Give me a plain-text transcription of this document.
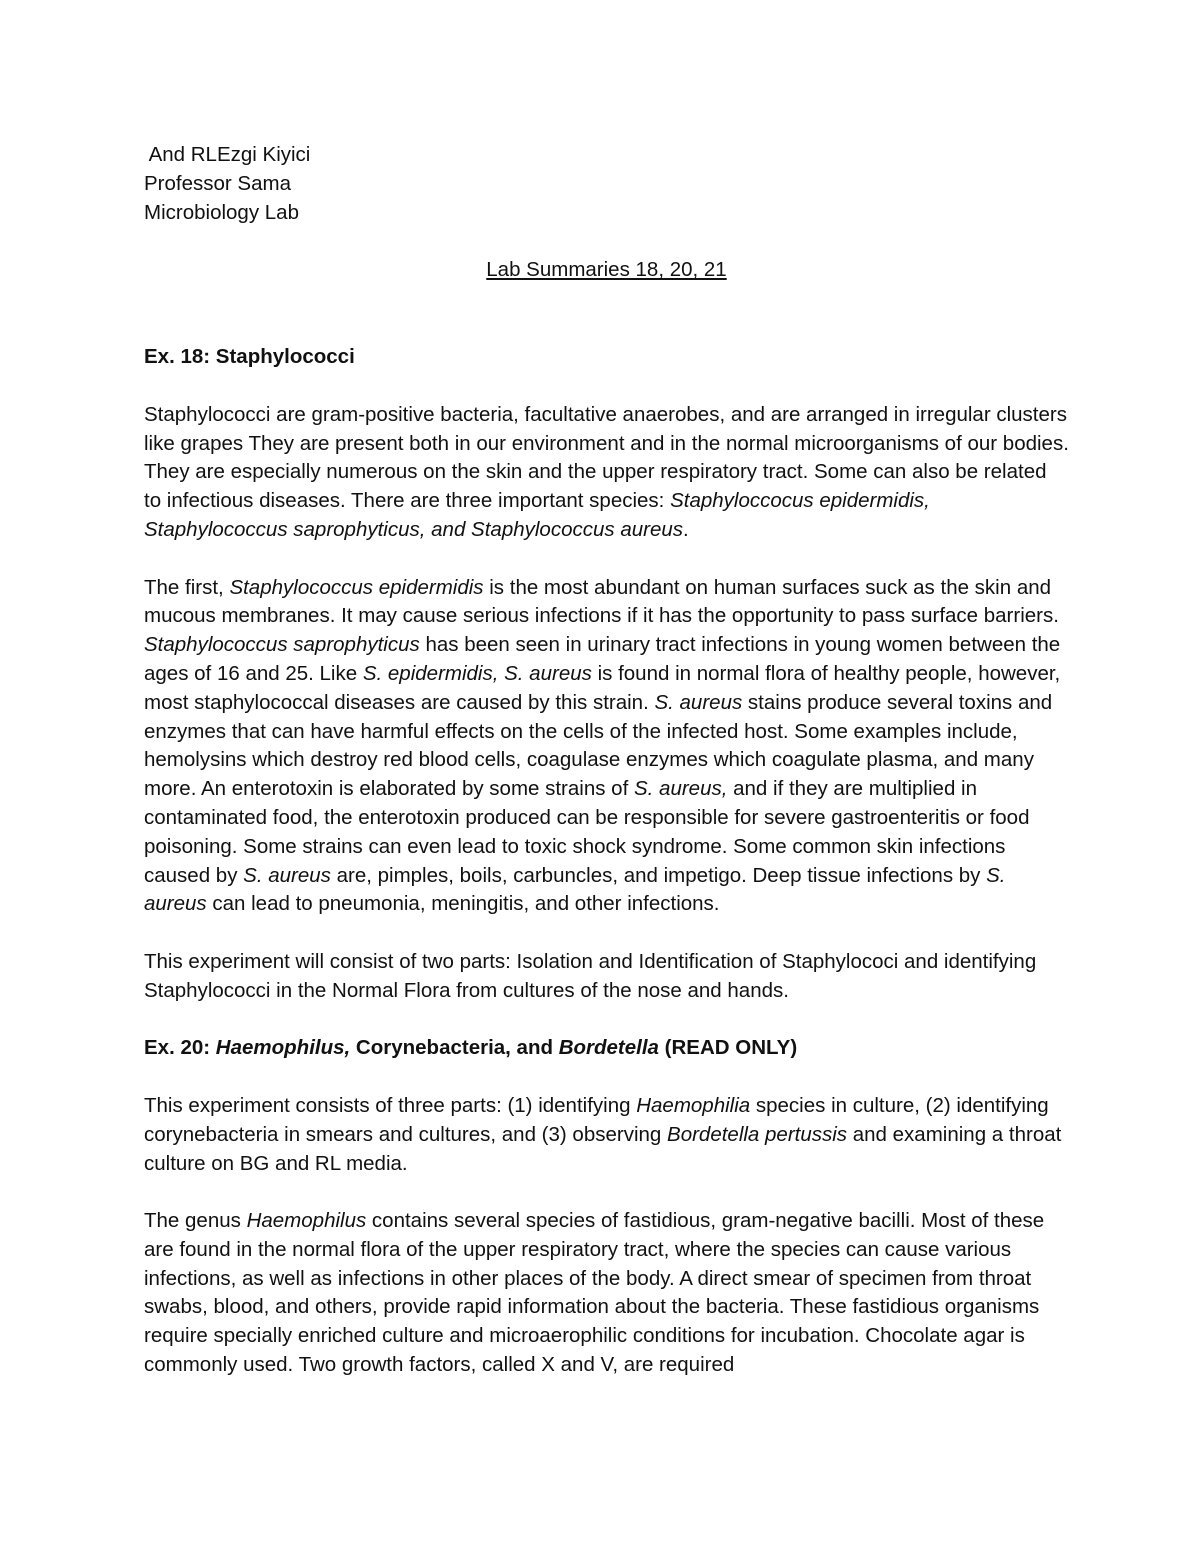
And RLEzgi Kiyici
Professor Sama
Microbiology Lab
Lab Summaries 18, 20, 21
Ex. 18: Staphylococci

Staphylococci are gram-positive bacteria, facultative anaerobes, and are arranged in irregular clusters like grapes They are present both in our environment and in the normal microorganisms of our bodies. They are especially numerous on the skin and the upper respiratory tract. Some can also be related to infectious diseases. There are three important species: Staphyloccocus epidermidis, Staphylococcus saprophyticus, and Staphylococcus aureus.

The first, Staphylococcus epidermidis is the most abundant on human surfaces suck as the skin and mucous membranes. It may cause serious infections if it has the opportunity to pass surface barriers. Staphylococcus saprophyticus has been seen in urinary tract infections in young women between the ages of 16 and 25. Like S. epidermidis, S. aureus is found in normal flora of healthy people, however, most staphylococcal diseases are caused by this strain. S. aureus stains produce several toxins and enzymes that can have harmful effects on the cells of the infected host. Some examples include, hemolysins which destroy red blood cells, coagulase enzymes which coagulate plasma, and many more. An enterotoxin is elaborated by some strains of S. aureus, and if they are multiplied in contaminated food, the enterotoxin produced can be responsible for severe gastroenteritis or food poisoning. Some strains can even lead to toxic shock syndrome. Some common skin infections caused by S. aureus are, pimples, boils, carbuncles, and impetigo. Deep tissue infections by S. aureus can lead to pneumonia, meningitis, and other infections.

This experiment will consist of two parts: Isolation and Identification of Staphylococi and identifying Staphylococci in the Normal Flora from cultures of the nose and hands.

Ex. 20: Haemophilus, Corynebacteria, and Bordetella (READ ONLY)

This experiment consists of three parts: (1) identifying Haemophilia species in culture, (2) identifying corynebacteria in smears and cultures, and (3) observing Bordetella pertussis and examining a throat culture on BG and RL media.

The genus Haemophilus contains several species of fastidious, gram-negative bacilli. Most of these are found in the normal flora of the upper respiratory tract, where the species can cause various infections, as well as infections in other places of the body. A direct smear of specimen from throat swabs, blood, and others, provide rapid information about the bacteria. These fastidious organisms require specially enriched culture and microaerophilic conditions for incubation. Chocolate agar is commonly used. Two growth factors, called X and V, are required
